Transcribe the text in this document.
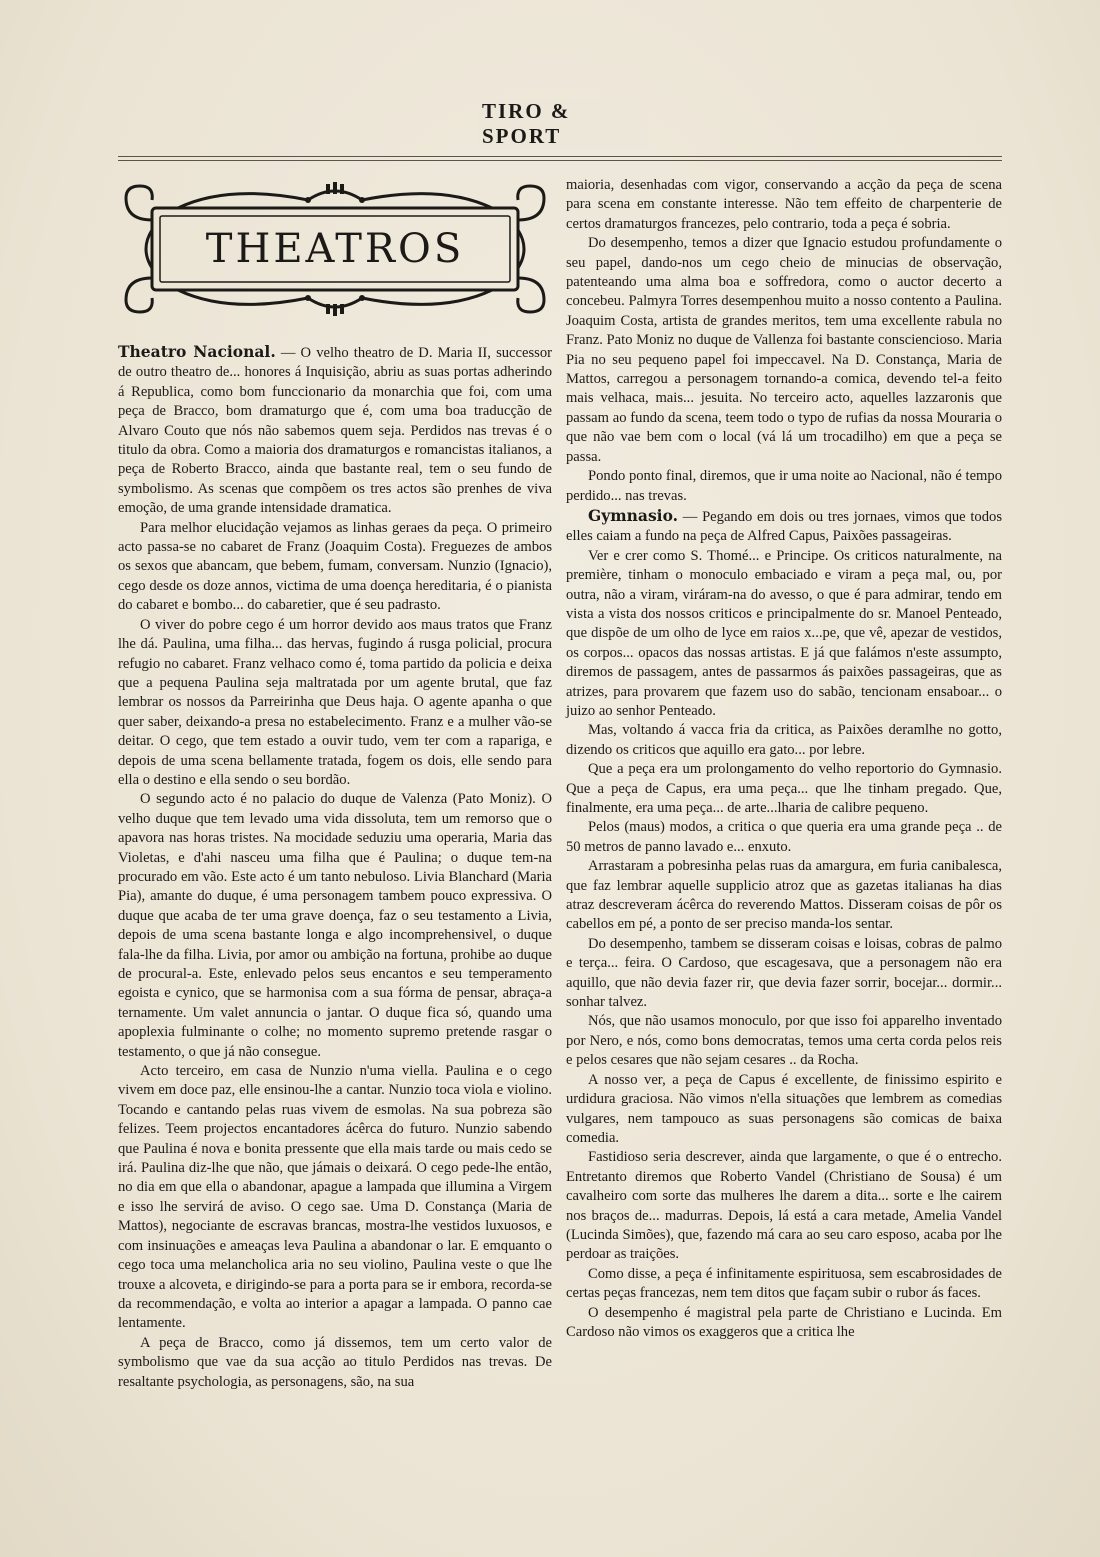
TIRO & SPORT
THEATROS

Theatro Nacional. — O velho theatro de D. Maria II, successor de outro theatro de... honores á Inquisição, abriu as suas portas adherindo á Republica, como bom funccionario da monarchia que foi, com uma peça de Bracco, bom dramaturgo que é, com uma boa traducção de Alvaro Couto que nós não sabemos quem seja. Perdidos nas trevas é o titulo da obra. Como a maioria dos dramaturgos e romancistas italianos, a peça de Roberto Bracco, ainda que bastante real, tem o seu fundo de symbolismo. As scenas que compõem os tres actos são prenhes de viva emoção, de uma grande intensidade dramatica.

Para melhor elucidação vejamos as linhas geraes da peça. O primeiro acto passa-se no cabaret de Franz (Joaquim Costa). Freguezes de ambos os sexos que abancam, que bebem, fumam, conversam. Nunzio (Ignacio), cego desde os doze annos, victima de uma doença hereditaria, é o pianista do cabaret e bombo... do cabaretier, que é seu padrasto.

O viver do pobre cego é um horror devido aos maus tratos que Franz lhe dá. Paulina, uma filha... das hervas, fugindo á rusga policial, procura refugio no cabaret. Franz velhaco como é, toma partido da policia e deixa que a pequena Paulina seja maltratada por um agente brutal, que faz lembrar os nossos da Parreirinha que Deus haja. O agente apanha o que quer saber, deixando-a presa no estabelecimento. Franz e a mulher vão-se deitar. O cego, que tem estado a ouvir tudo, vem ter com a rapariga, e depois de uma scena bellamente tratada, fogem os dois, elle sendo para ella o destino e ella sendo o seu bordão.

O segundo acto é no palacio do duque de Valenza (Pato Moniz). O velho duque que tem levado uma vida dissoluta, tem um remorso que o apavora nas horas tristes. Na mocidade seduziu uma operaria, Maria das Violetas, e d'ahi nasceu uma filha que é Paulina; o duque tem-na procurado em vão. Este acto é um tanto nebuloso. Livia Blanchard (Maria Pia), amante do duque, é uma personagem tambem pouco expressiva. O duque que acaba de ter uma grave doença, faz o seu testamento a Livia, depois de uma scena bastante longa e algo incomprehensivel, o duque fala-lhe da filha. Livia, por amor ou ambição na fortuna, prohibe ao duque de procural-a. Este, enlevado pelos seus encantos e seu temperamento egoista e cynico, que se harmonisa com a sua fórma de pensar, abraça-a ternamente. Um valet annuncia o jantar. O duque fica só, quando uma apoplexia fulminante o colhe; no momento supremo pretende rasgar o testamento, o que já não consegue.

Acto terceiro, em casa de Nunzio n'uma viella. Paulina e o cego vivem em doce paz, elle ensinou-lhe a cantar. Nunzio toca viola e violino. Tocando e cantando pelas ruas vivem de esmolas. Na sua pobreza são felizes. Teem projectos encantadores ácêrca do futuro. Nunzio sabendo que Paulina é nova e bonita pressente que ella mais tarde ou mais cedo se irá. Paulina diz-lhe que não, que jámais o deixará. O cego pede-lhe então, no dia em que ella o abandonar, apague a lampada que illumina a Virgem e isso lhe servirá de aviso. O cego sae. Uma D. Constança (Maria de Mattos), negociante de escravas brancas, mostra-lhe vestidos luxuosos, e com insinuações e ameaças leva Paulina a abandonar o lar. E emquanto o cego toca uma melancholica aria no seu violino, Paulina veste o que lhe trouxe a alcoveta, e dirigindo-se para a porta para se ir embora, recorda-se da recommendação, e volta ao interior a apagar a lampada. O panno cae lentamente.

A peça de Bracco, como já dissemos, tem um certo valor de symbolismo que vae da sua acção ao titulo Perdidos nas trevas. De resaltante psychologia, as personagens, são, na sua

maioria, desenhadas com vigor, conservando a acção da peça de scena para scena em constante interesse. Não tem effeito de charpenterie de certos dramaturgos francezes, pelo contrario, toda a peça é sobria.

Do desempenho, temos a dizer que Ignacio estudou profundamente o seu papel, dando-nos um cego cheio de minucias de observação, patenteando uma alma boa e soffredora, como o auctor decerto a concebeu. Palmyra Torres desempenhou muito a nosso contento a Paulina. Joaquim Costa, artista de grandes meritos, tem uma excellente rabula no Franz. Pato Moniz no duque de Vallenza foi bastante consciencioso. Maria Pia no seu pequeno papel foi impeccavel. Na D. Constança, Maria de Mattos, carregou a personagem tornando-a comica, devendo tel-a feito mais velhaca, mais... jesuita. No terceiro acto, aquelles lazzaronis que passam ao fundo da scena, teem todo o typo de rufias da nossa Mouraria o que não vae bem com o local (vá lá um trocadilho) em que a peça se passa.

Pondo ponto final, diremos, que ir uma noite ao Nacional, não é tempo perdido... nas trevas.

Gymnasio. — Pegando em dois ou tres jornaes, vimos que todos elles caiam a fundo na peça de Alfred Capus, Paixões passageiras.

Ver e crer como S. Thomé... e Principe. Os criticos naturalmente, na première, tinham o monoculo embaciado e viram a peça mal, ou, por outra, não a viram, viráram-na do avesso, o que é para admirar, tendo em vista a vista dos nossos criticos e principalmente do sr. Manoel Penteado, que dispõe de um olho de lyce em raios x...pe, que vê, apezar de vestidos, os corpos... opacos das nossas artistas. E já que falámos n'este assumpto, diremos de passagem, antes de passarmos ás paixões passageiras, que as atrizes, para provarem que fazem uso do sabão, tencionam ensaboar... o juizo ao senhor Penteado.

Mas, voltando á vacca fria da critica, as Paixões deramlhe no gotto, dizendo os criticos que aquillo era gato... por lebre.

Que a peça era um prolongamento do velho reportorio do Gymnasio. Que a peça de Capus, era uma peça... que lhe tinham pregado. Que, finalmente, era uma peça... de arte...lharia de calibre pequeno.

Pelos (maus) modos, a critica o que queria era uma grande peça .. de 50 metros de panno lavado e... enxuto.

Arrastaram a pobresinha pelas ruas da amargura, em furia canibalesca, que faz lembrar aquelle supplicio atroz que as gazetas italianas ha dias atraz descreveram ácêrca do reverendo Mattos. Disseram coisas de pôr os cabellos em pé, a ponto de ser preciso manda-los sentar.

Do desempenho, tambem se disseram coisas e loisas, cobras de palmo e terça... feira. O Cardoso, que escagesava, que a personagem não era aquillo, que não devia fazer rir, que devia fazer sorrir, bocejar... dormir... sonhar talvez.

Nós, que não usamos monoculo, por que isso foi apparelho inventado por Nero, e nós, como bons democratas, temos uma certa corda pelos reis e pelos cesares que não sejam cesares .. da Rocha.

A nosso ver, a peça de Capus é excellente, de finissimo espirito e urdidura graciosa. Não vimos n'ella situações que lembrem as comedias vulgares, nem tampouco as suas personagens são comicas de baixa comedia.

Fastidioso seria descrever, ainda que largamente, o que é o entrecho. Entretanto diremos que Roberto Vandel (Christiano de Sousa) é um cavalheiro com sorte das mulheres lhe darem a dita... sorte e lhe cairem nos braços de... madurras. Depois, lá está a cara metade, Amelia Vandel (Lucinda Simões), que, fazendo má cara ao seu caro esposo, acaba por lhe perdoar as traições.

Como disse, a peça é infinitamente espirituosa, sem escabrosidades de certas peças francezas, nem tem ditos que façam subir o rubor ás faces.

O desempenho é magistral pela parte de Christiano e Lucinda. Em Cardoso não vimos os exaggeros que a critica lhe
